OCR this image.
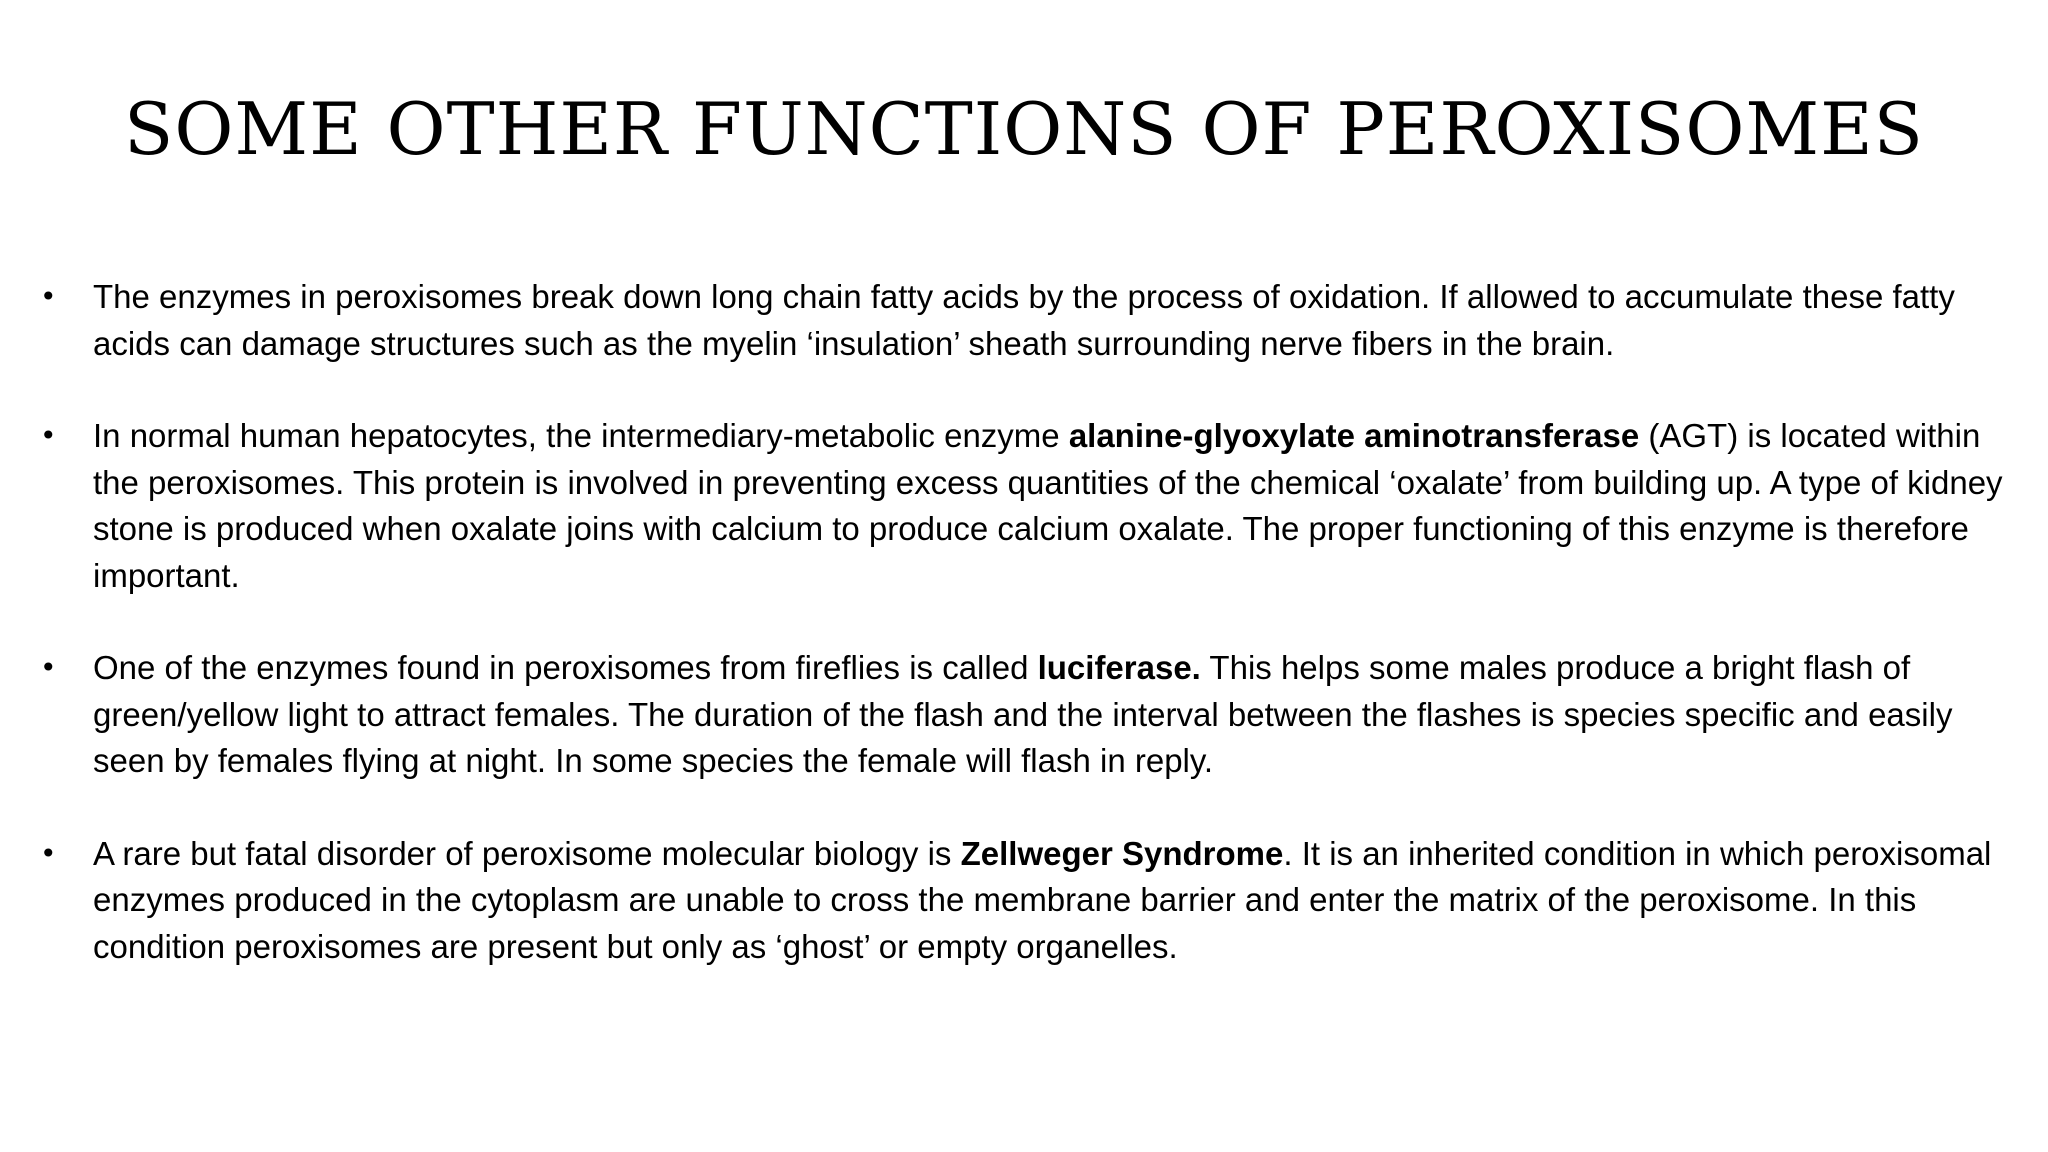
SOME OTHER FUNCTIONS OF PEROXISOMES
• The enzymes in peroxisomes break down long chain fatty acids by the process of oxidation. If allowed to accumulate these fatty acids can damage structures such as the myelin ‘insulation’ sheath surrounding nerve fibers in the brain.
• In normal human hepatocytes, the intermediary-metabolic enzyme alanine-glyoxylate aminotransferase (AGT) is located within the peroxisomes. This protein is involved in preventing excess quantities of the chemical ‘oxalate’ from building up. A type of kidney stone is produced when oxalate joins with calcium to produce calcium oxalate. The proper functioning of this enzyme is therefore important.
• One of the enzymes found in peroxisomes from fireflies is called luciferase. This helps some males produce a bright flash of green/yellow light to attract females. The duration of the flash and the interval between the flashes is species specific and easily seen by females flying at night. In some species the female will flash in reply.
• A rare but fatal disorder of peroxisome molecular biology is Zellweger Syndrome. It is an inherited condition in which peroxisomal enzymes produced in the cytoplasm are unable to cross the membrane barrier and enter the matrix of the peroxisome. In this condition peroxisomes are present but only as ‘ghost’ or empty organelles.
